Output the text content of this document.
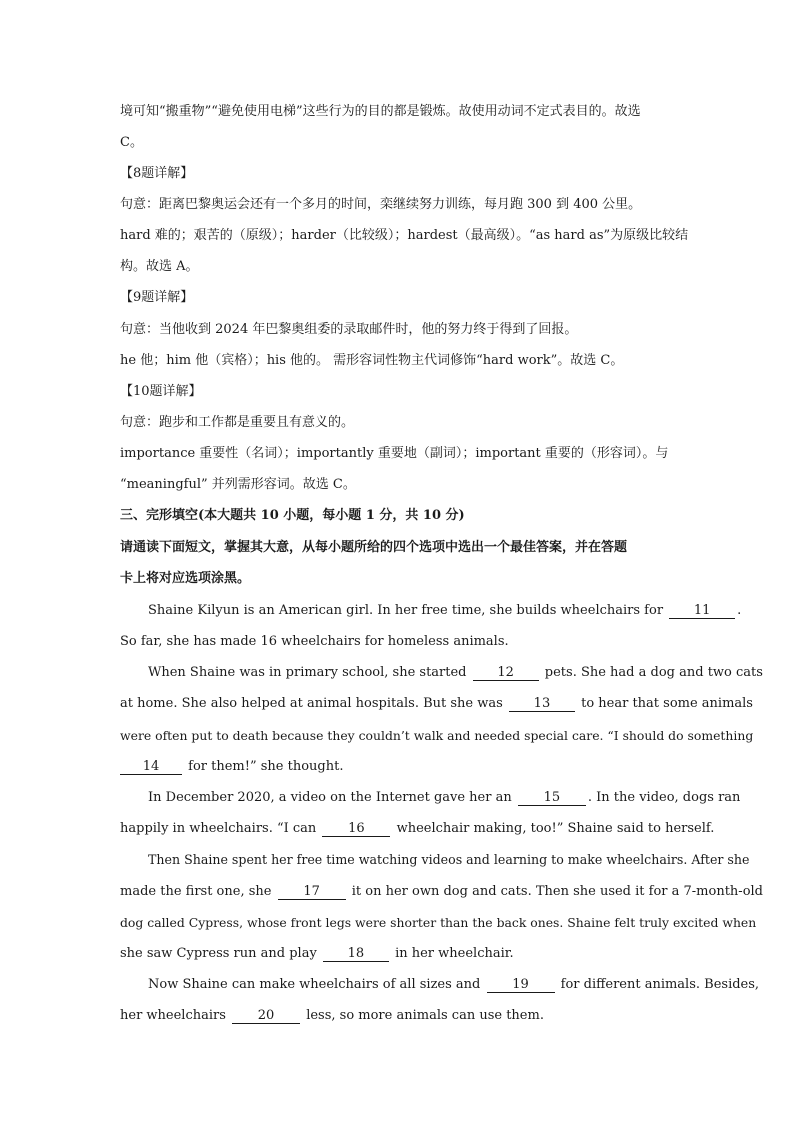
境可知“搬重物”“避免使用电梯”这些行为的目的都是锻炼。故使用动词不定式表目的。故选
C。
【8题详解】
句意：距离巴黎奥运会还有一个多月的时间，栾继续努力训练，每月跑 300 到 400 公里。
hard 难的；艰苦的（原级）；harder（比较级）；hardest（最高级）。“as hard as”为原级比较结
构。故选 A。
【9题详解】
句意：当他收到 2024 年巴黎奥组委的录取邮件时，他的努力终于得到了回报。
he 他；him 他（宾格）；his 他的。 需形容词性物主代词修饰“hard work”。故选 C。
【10题详解】
句意：跑步和工作都是重要且有意义的。
importance 重要性（名词）；importantly 重要地（副词）；important 重要的（形容词）。与
“meaningful” 并列需形容词。故选 C。
三、完形填空(本大题共 10 小题，每小题 1 分，共 10 分)
请通读下面短文，掌握其大意，从每小题所给的四个选项中选出一个最佳答案，并在答题
卡上将对应选项涂黑。
Shaine Kilyun is an American girl. In her free time, she builds wheelchairs for 11 .
So far, she has made 16 wheelchairs for homeless animals.
When Shaine was in primary school, she started 12 pets. She had a dog and two cats
at home. She also helped at animal hospitals. But she was 13 to hear that some animals
were often put to death because they couldn’t walk and needed special care. “I should do something
14 for them!” she thought.
In December 2020, a video on the Internet gave her an 15 . In the video, dogs ran
happily in wheelchairs. “I can 16 wheelchair making, too!” Shaine said to herself.
Then Shaine spent her free time watching videos and learning to make wheelchairs. After she
made the first one, she 17 it on her own dog and cats. Then she used it for a 7-month-old
dog called Cypress, whose front legs were shorter than the back ones. Shaine felt truly excited when
she saw Cypress run and play 18 in her wheelchair.
Now Shaine can make wheelchairs of all sizes and 19 for different animals. Besides,
her wheelchairs 20 less, so more animals can use them.
